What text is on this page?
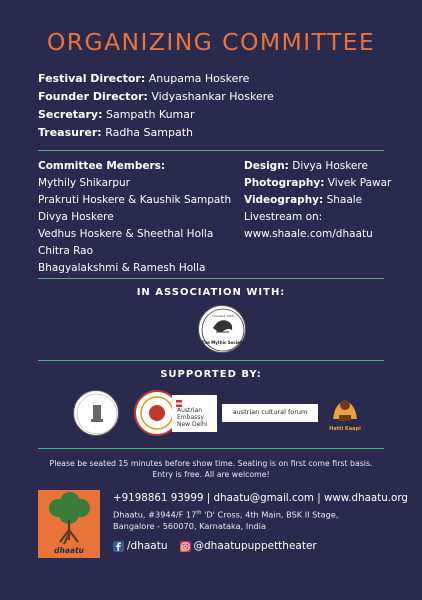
ORGANIZING COMMITTEE
Festival Director: Anupama Hoskere
Founder Director: Vidyashankar Hoskere
Secretary: Sampath Kumar
Treasurer: Radha Sampath
Committee Members:
Mythily Shikarpur
Prakruti Hoskere & Kaushik Sampath
Divya Hoskere
Vedhus Hoskere & Sheethal Holla
Chitra Rao
Bhagyalakshmi & Ramesh Holla
Design: Divya Hoskere
Photography: Vivek Pawar
Videography: Shaale
Livestream on:
www.shaale.com/dhaatu
IN ASSOCIATION WITH:
Founded 1909
The Mythic Society
SUPPORTED BY:
Austrian
Embassy
New Delhi
austrian cultural forum
Hatti Kaapi
Please be seated 15 minutes before show time. Seating is on first come first basis.
Entry is free. All are welcome!
dhaatu
+9198861 93999 | dhaatu@gmail.com | www.dhaatu.org
Dhaatu, #3944/F 17th 'D' Cross, 4th Main, BSK II Stage,
Bangalore - 560070, Karnataka, India
/dhaatu @dhaatupuppettheater
